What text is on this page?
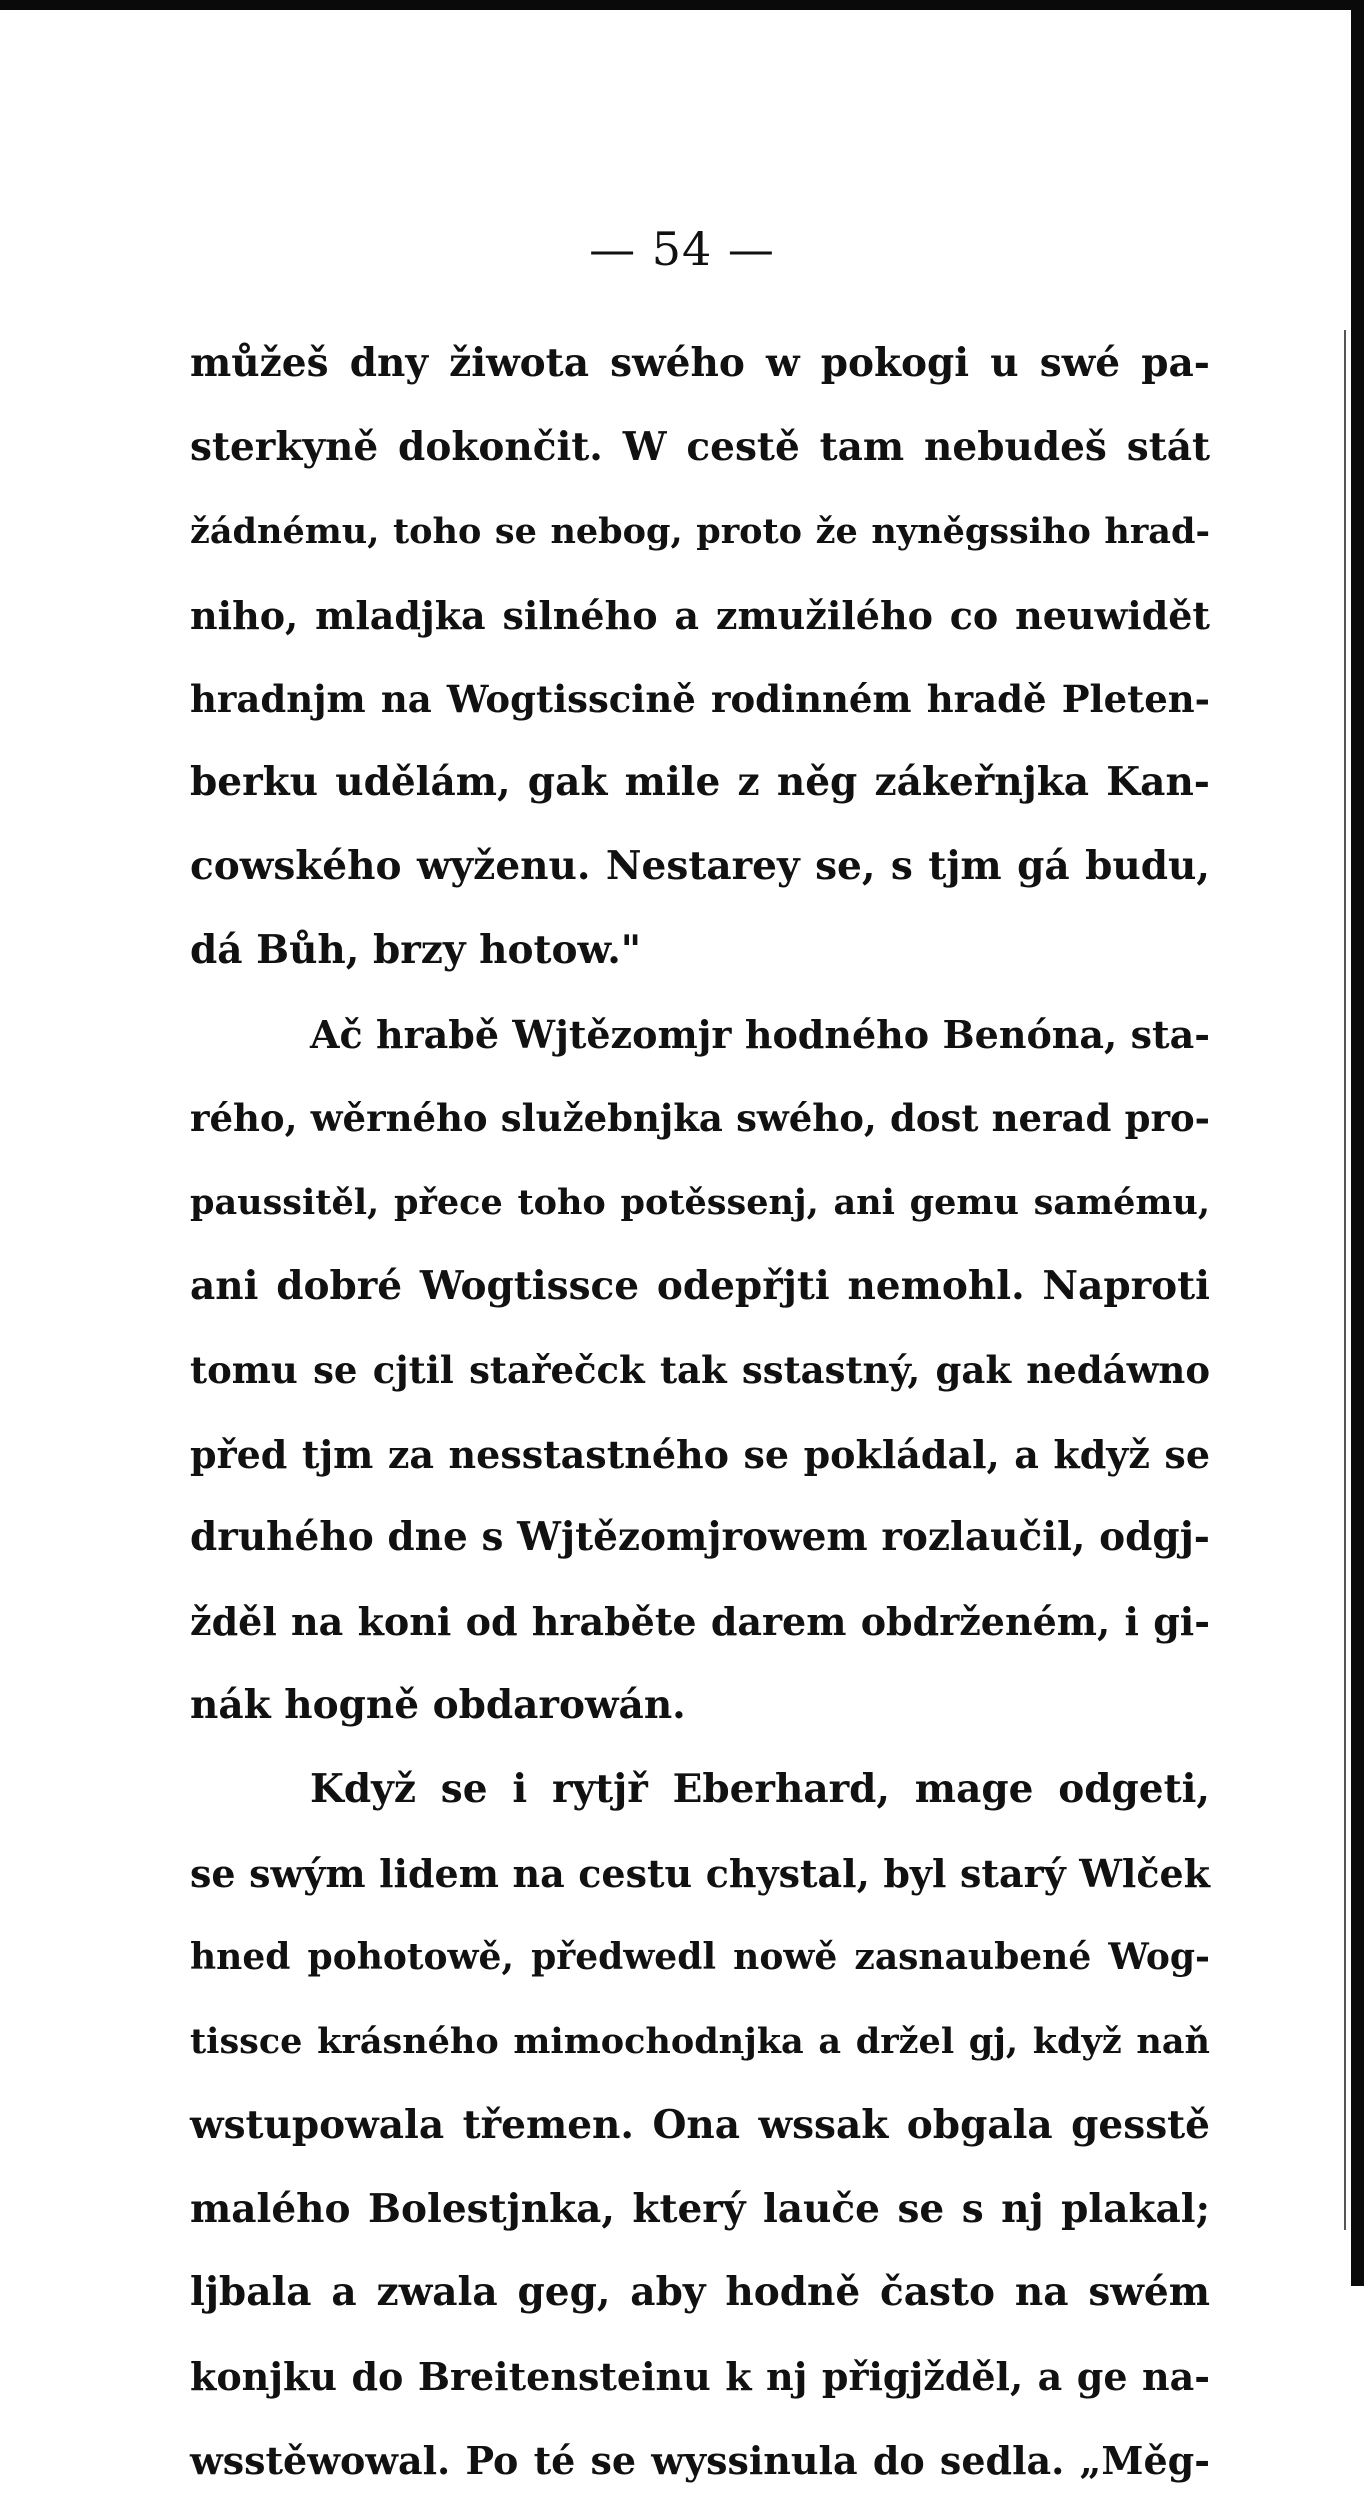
— 54 —
můžeš dny žiwota swého w pokogi u swé pa-
sterkyně dokončit. W cestě tam nebudeš stát
žádnému, toho se nebog, proto že nyněgssiho hrad-
niho, mladjka silného a zmužilého co neuwidět
hradnjm na Wogtisscině rodinném hradě Pleten-
berku udělám, gak mile z něg zákeřnjka Kan-
cowského wyženu. Nestarey se, s tjm gá budu,
dá Bůh, brzy hotow."
Ač hrabě Wjtězomjr hodného Benóna, sta-
rého, wěrného služebnjka swého, dost nerad pro-
paussitěl, přece toho potěssenj, ani gemu samému,
ani dobré Wogtissce odepřjti nemohl. Naproti
tomu se cjtil stařečck tak sstastný, gak nedáwno
před tjm za nesstastného se pokládal, a když se
druhého dne s Wjtězomjrowem rozlaučil, odgj-
žděl na koni od hraběte darem obdrženém, i gi-
nák hogně obdarowán.
Když se i rytjř Eberhard, mage odgeti,
se swým lidem na cestu chystal, byl starý Wlček
hned pohotowě, předwedl nowě zasnaubené Wog-
tissce krásného mimochodnjka a držel gj, když naň
wstupowala třemen. Ona wssak obgala gesstě
malého Bolestjnka, který lauče se s nj plakal;
ljbala a zwala geg, aby hodně často na swém
konjku do Breitensteinu k nj přigjžděl, a ge na-
wsstěwowal. Po té se wyssinula do sedla. „Měg-
